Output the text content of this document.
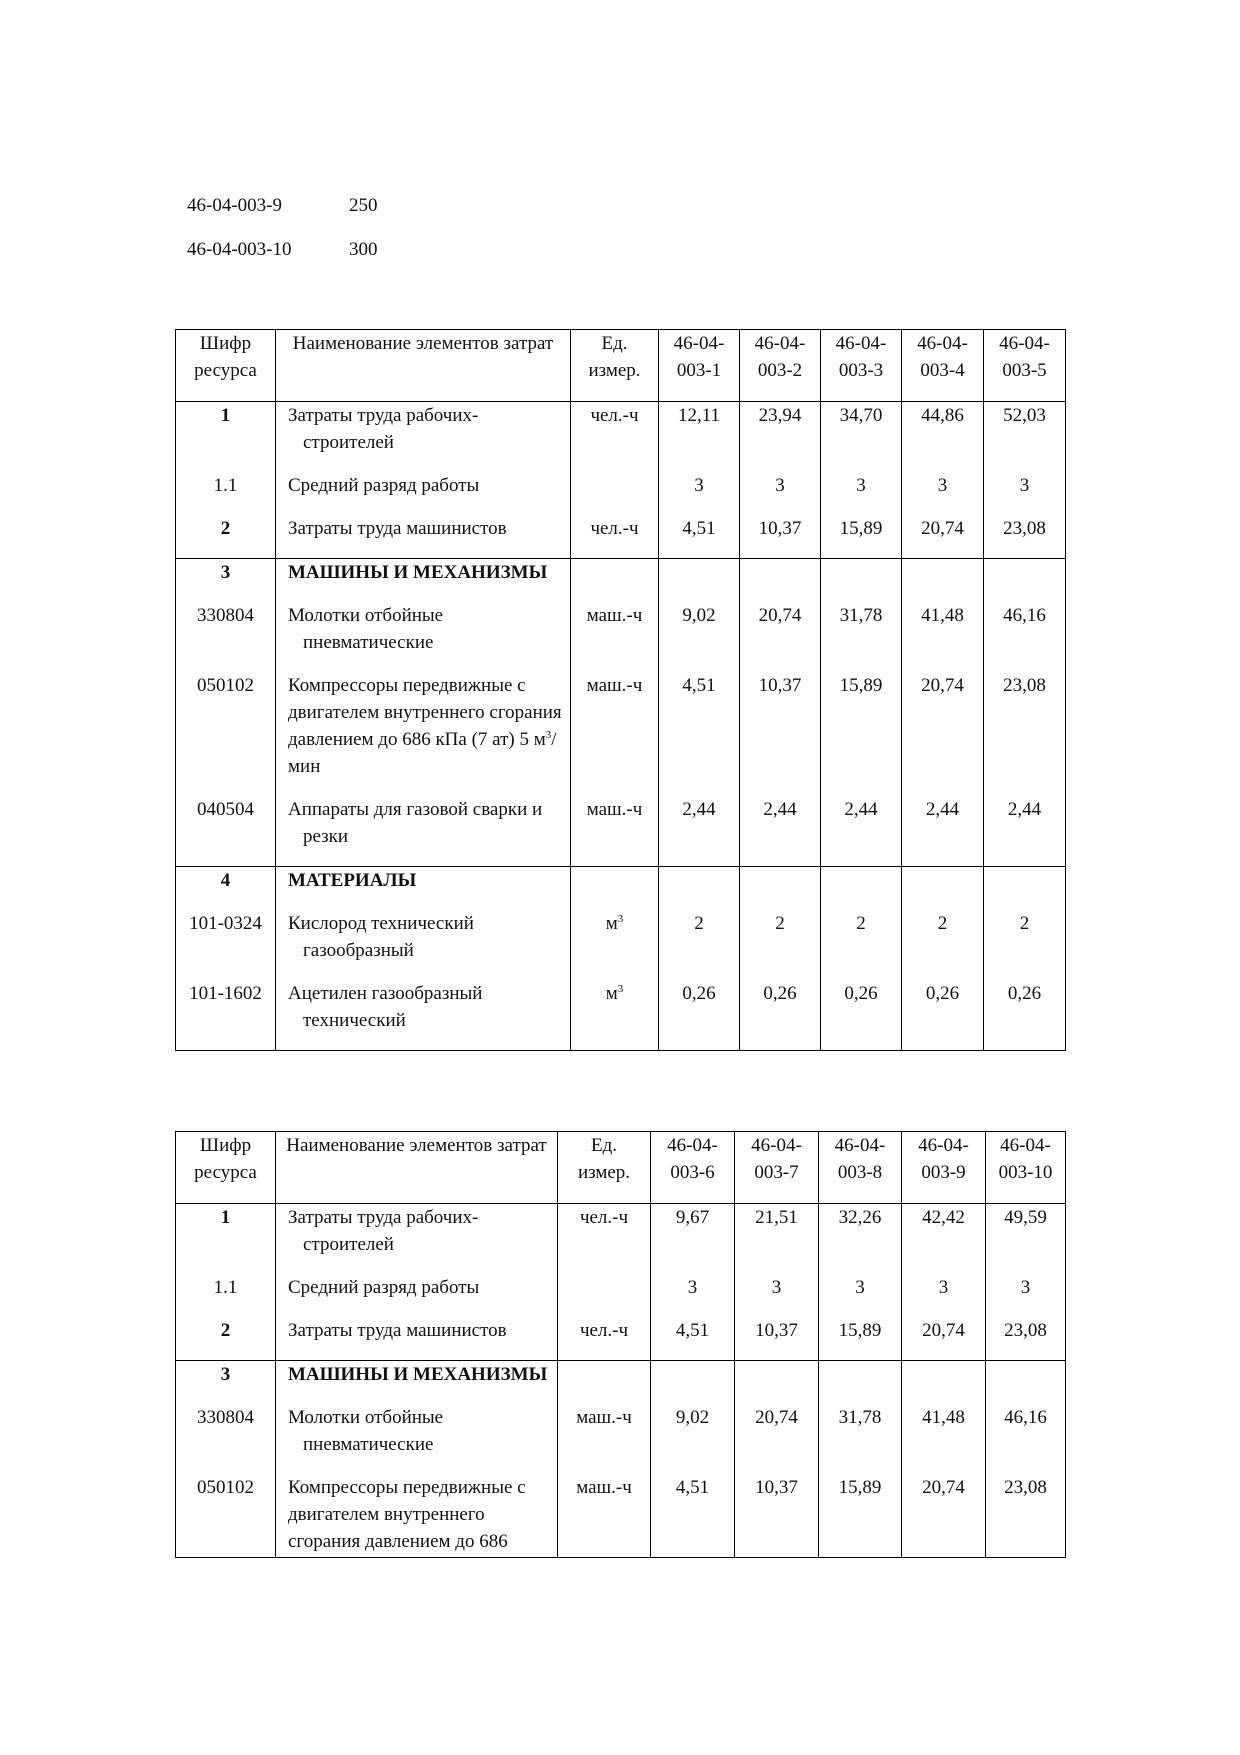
46-04-003-9	250
46-04-003-10	300
Шифр ресурса	Наименование элементов затрат	Ед. измер.	46-04-003-1	46-04-003-2	46-04-003-3	46-04-003-4	46-04-003-5
1	Затраты труда рабочих-строителей	чел.-ч	12,11	23,94	34,70	44,86	52,03
1.1	Средний разряд работы		3	3	3	3	3
2	Затраты труда машинистов	чел.-ч	4,51	10,37	15,89	20,74	23,08
3	МАШИНЫ И МЕХАНИЗМЫ						

330804	Молотки отбойные пневматические	маш.-ч	9,02	20,74	31,78	41,48	46,16
050102	Компрессоры передвижные с двигателем внутреннего сгорания давлением до 686 кПа (7 ат) 5 $м^3$/мин	маш.-ч	4,51	10,37	15,89	20,74	23,08
040504	Аппараты для газовой сварки и резки	маш.-ч	2,44	2,44	2,44	2,44	2,44
4	МАТЕРИАЛЫ						

101-0324	Кислород технический газообразный	$м^3$	2	2	2	2	2
101-1602	Ацетилен газообразный технический	$м^3$	0,26	0,26	0,26	0,26	0,26
Шифр ресурса	Наименование элементов затрат	Ед. измер.	46-04-003-6	46-04-003-7	46-04-003-8	46-04-003-9	46-04-003-10
1	Затраты труда рабочих-строителей	чел.-ч	9,67	21,51	32,26	42,42	49,59
1.1	Средний разряд работы		3	3	3	3	3
2	Затраты труда машинистов	чел.-ч	4,51	10,37	15,89	20,74	23,08
3	МАШИНЫ И МЕХАНИЗМЫ						

330804	Молотки отбойные пневматические	маш.-ч	9,02	20,74	31,78	41,48	46,16
050102	Компрессоры передвижные с двигателем внутреннего сгорания давлением до 686	маш.-ч	4,51	10,37	15,89	20,74	23,08
